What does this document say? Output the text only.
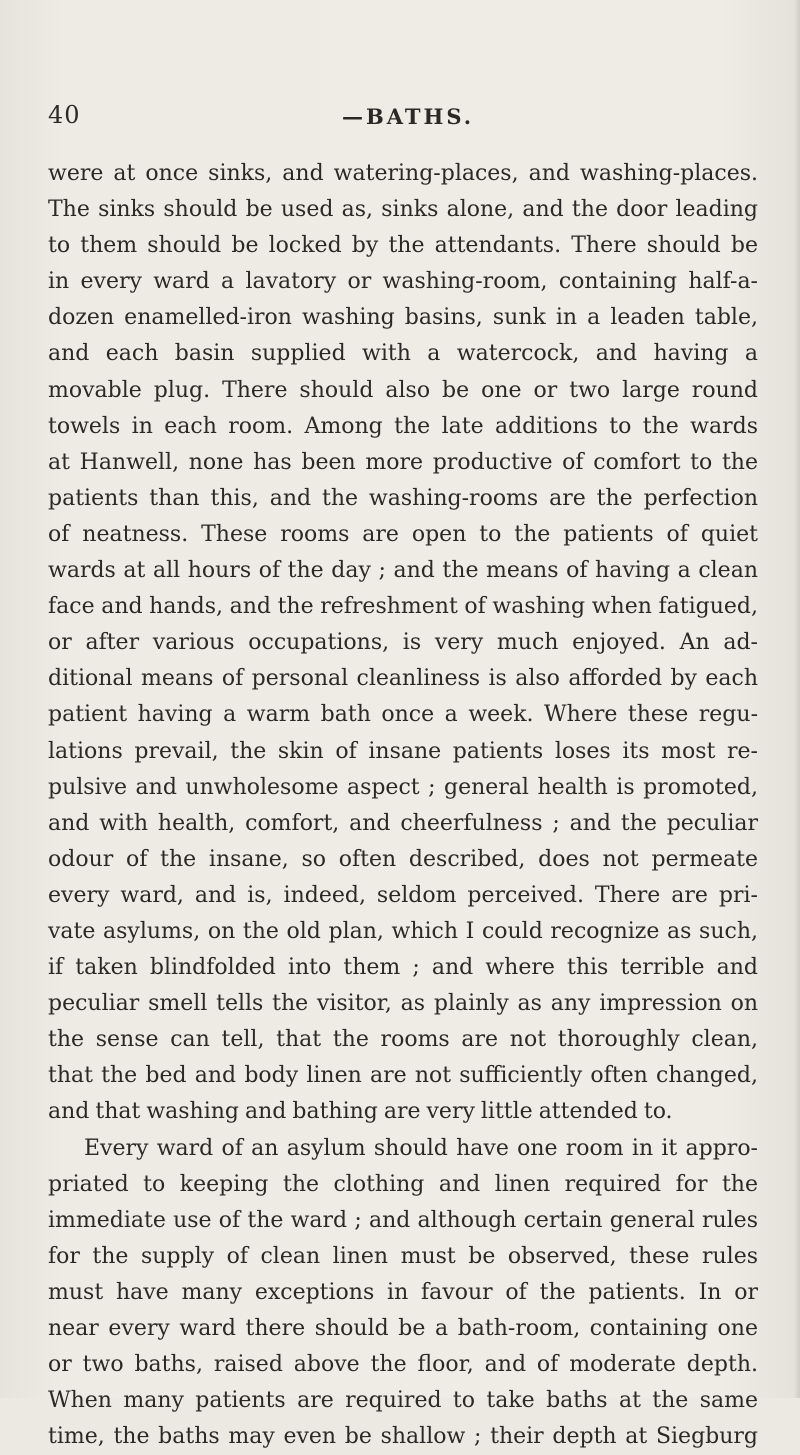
40	—BATHS.
were at once sinks, and watering-places, and washing-places.
The sinks should be used as, sinks alone, and the door leading
to them should be locked by the attendants. There should be
in every ward a lavatory or washing-room, containing half-a-
dozen enamelled-iron washing basins, sunk in a leaden table,
and each basin supplied with a watercock, and having a
movable plug. There should also be one or two large round
towels in each room. Among the late additions to the wards
at Hanwell, none has been more productive of comfort to the
patients than this, and the washing-rooms are the perfection
of neatness. These rooms are open to the patients of quiet
wards at all hours of the day ; and the means of having a clean
face and hands, and the refreshment of washing when fatigued,
or after various occupations, is very much enjoyed. An ad-
ditional means of personal cleanliness is also afforded by each
patient having a warm bath once a week. Where these regu-
lations prevail, the skin of insane patients loses its most re-
pulsive and unwholesome aspect ; general health is promoted,
and with health, comfort, and cheerfulness ; and the peculiar
odour of the insane, so often described, does not permeate
every ward, and is, indeed, seldom perceived. There are pri-
vate asylums, on the old plan, which I could recognize as such,
if taken blindfolded into them ; and where this terrible and
peculiar smell tells the visitor, as plainly as any impression on
the sense can tell, that the rooms are not thoroughly clean,
that the bed and body linen are not sufficiently often changed,
and that washing and bathing are very little attended to.
Every ward of an asylum should have one room in it appro-
priated to keeping the clothing and linen required for the
immediate use of the ward ; and although certain general rules
for the supply of clean linen must be observed, these rules
must have many exceptions in favour of the patients. In or
near every ward there should be a bath-room, containing one
or two baths, raised above the floor, and of moderate depth.
When many patients are required to take baths at the same
time, the baths may even be shallow ; their depth at Siegburg
